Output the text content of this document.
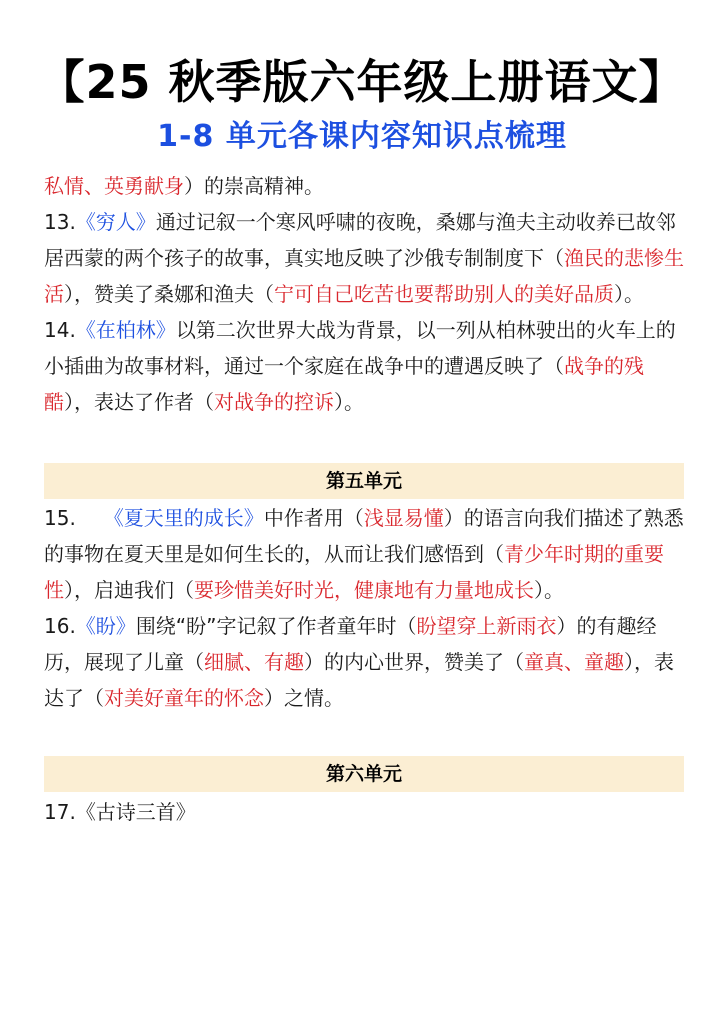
【25 秋季版六年级上册语文】
1-8 单元各课内容知识点梳理

私情、英勇献身）的崇高精神。

13.《穷人》通过记叙一个寒风呼啸的夜晚，桑娜与渔夫主动收养已故邻居西蒙的两个孩子的故事，真实地反映了沙俄专制制度下（渔民的悲惨生活），赞美了桑娜和渔夫（宁可自己吃苦也要帮助别人的美好品质）。

14.《在柏林》以第二次世界大战为背景，以一列从柏林驶出的火车上的小插曲为故事材料，通过一个家庭在战争中的遭遇反映了（战争的残酷），表达了作者（对战争的控诉）。

第五单元

15. 《夏天里的成长》中作者用（浅显易懂）的语言向我们描述了熟悉的事物在夏天里是如何生长的，从而让我们感悟到（青少年时期的重要性），启迪我们（要珍惜美好时光，健康地有力量地成长）。

16.《盼》围绕“盼”字记叙了作者童年时（盼望穿上新雨衣）的有趣经历，展现了儿童（细腻、有趣）的内心世界，赞美了（童真、童趣），表达了（对美好童年的怀念）之情。

第六单元

17.《古诗三首》
